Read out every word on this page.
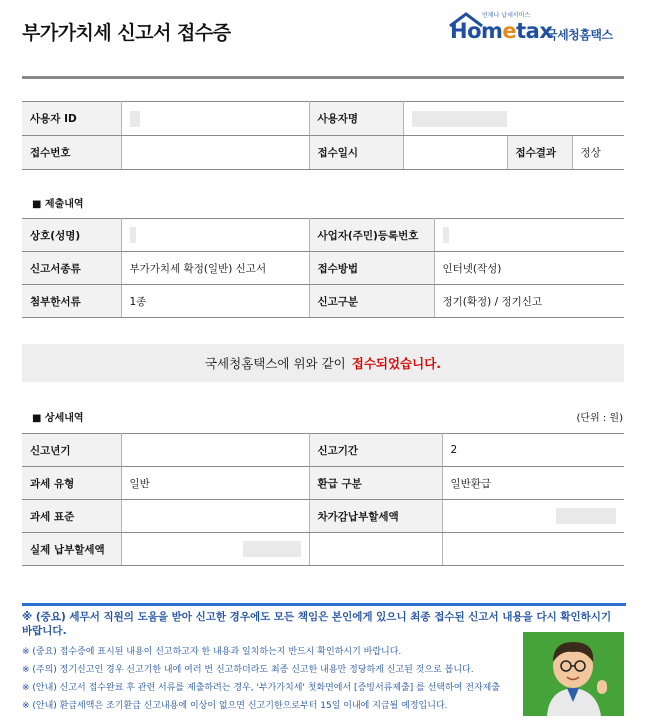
부가가치세 신고서 접수증
언제나 납세서비스
Hometax
국세청홈택스
사용자 ID		사용자명			
접수번호		접수일시		접수결과	정상
■ 제출내역
상호(성명)		사업자(주민)등록번호	
신고서종류	부가가치세 확정(일반) 신고서	접수방법	인터넷(작성)
첨부한서류	1종	신고구분	정기(확정) / 정기신고
국세청홈택스에 위와 같이 접수되었습니다.
■ 상세내역	(단위 : 원)
신고년기		신고기간	2
과세 유형	일반	환급 구분	일반환급
과세 표준		차가감납부할세액	
실제 납부할세액			
※ (중요) 세무서 직원의 도움을 받아 신고한 경우에도 모든 책임은 본인에게 있으니 최종 접수된 신고서 내용을 다시 확인하시기 바랍니다.
※ (중요) 접수증에 표시된 내용이 신고하고자 한 내용과 일치하는지 반드시 확인하시기 바랍니다.
※ (주의) 정기신고인 경우 신고기한 내에 여러 번 신고하더라도 최종 신고한 내용만 정당하게 신고된 것으로 봅니다.
※ (안내) 신고서 접수완료 후 관련 서류를 제출하려는 경우, '부가가치세' 첫화면에서 [증빙서류제출] 를 선택하여 전자제출
※ (안내) 환급세액은 조기환급 신고내용에 이상이 없으면 신고기한으로부터 15일 이내에 지급될 예정입니다.
